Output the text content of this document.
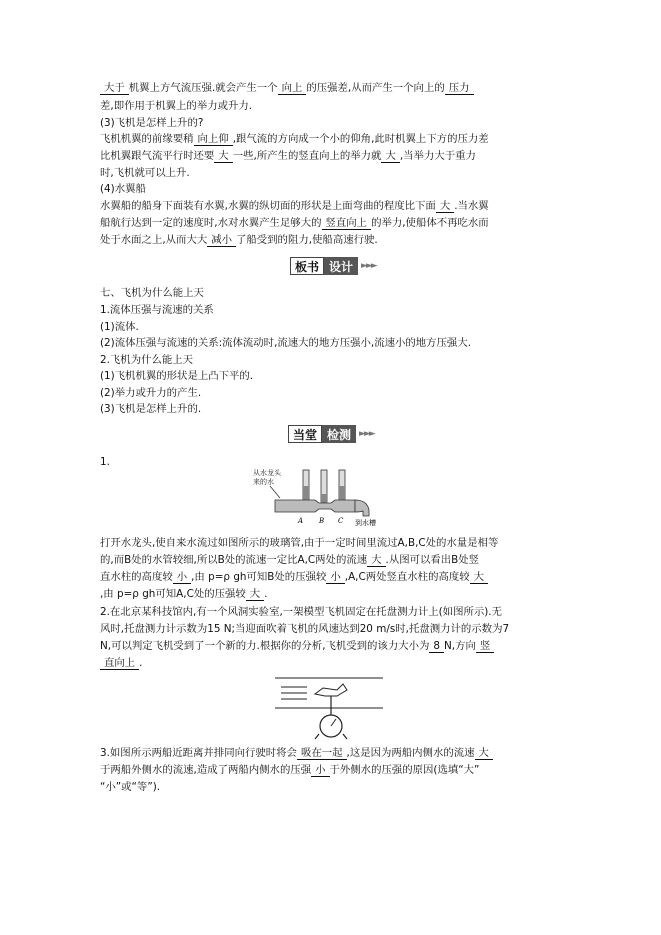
大于 机翼上方气流压强.就会产生一个 向上 的压强差,从而产生一个向上的 压力
差,即作用于机翼上的举力或升力.
(3)飞机是怎样上升的?
飞机机翼的前缘要稍 向上仰 ,跟气流的方向成一个小的仰角,此时机翼上下方的压力差
比机翼跟气流平行时还要 大 一些,所产生的竖直向上的举力就 大 ,当举力大于重力
时,飞机就可以上升.
(4)水翼船
水翼船的船身下面装有水翼,水翼的纵切面的形状是上面弯曲的程度比下面 大 .当水翼
船航行达到一定的速度时,水对水翼产生足够大的 竖直向上 的举力,使船体不再吃水而
处于水面之上,从而大大 减小 了船受到的阻力,使船高速行驶.
板书 设计 ►►►
七、飞机为什么能上天
1.流体压强与流速的关系
(1)流体.
(2)流体压强与流速的关系:流体流动时,流速大的地方压强小,流速小的地方压强大.
2.飞机为什么能上天
(1)飞机机翼的形状是上凸下平的.
(2)举力或升力的产生.
(3)飞机是怎样上升的.
当堂 检测 ►►►
1.
从水龙头
来的水
A B C 到水槽
打开水龙头,使自来水流过如图所示的玻璃管,由于一定时间里流过A,B,C处的水量是相等
的,而B处的水管较细,所以B处的流速一定比A,C两处的流速 大 .从图可以看出B处竖
直水柱的高度较 小 ,由 p=ρ gh可知B处的压强较 小 ,A,C两处竖直水柱的高度较 大
,由 p=ρ gh可知A,C处的压强较 大 .
2.在北京某科技馆内,有一个风洞实验室,一架模型飞机固定在托盘测力计上(如图所示).无
风时,托盘测力计示数为15 N;当迎面吹着飞机的风速达到20 m/s时,托盘测力计的示数为7
N,可以判定飞机受到了一个新的力.根据你的分析,飞机受到的该力大小为 8 N,方向 竖
直向上 .
3.如图所示两船近距离并排同向行驶时将会 吸在一起 ,这是因为两船内侧水的流速 大
于两船外侧水的流速,造成了两船内侧水的压强 小 于外侧水的压强的原因(选填“大”
“小”或“等”).
